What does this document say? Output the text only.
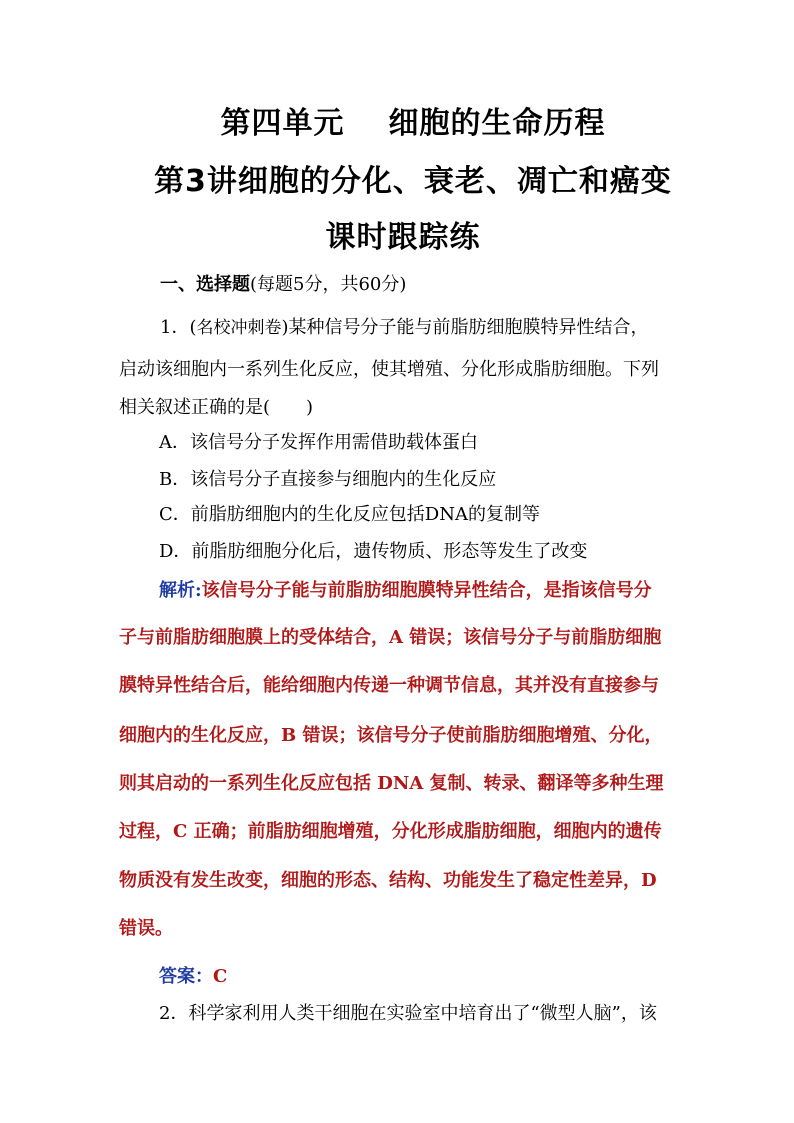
第四单元 细胞的生命历程
第3讲细胞的分化、衰老、凋亡和癌变
课时跟踪练
一、选择题(每题5分，共60分)
1．(名校冲刺卷)某种信号分子能与前脂肪细胞膜特异性结合，
启动该细胞内一系列生化反应，使其增殖、分化形成脂肪细胞。下列
相关叙述正确的是(　　)
A．该信号分子发挥作用需借助载体蛋白
B．该信号分子直接参与细胞内的生化反应
C．前脂肪细胞内的生化反应包括DNA的复制等
D．前脂肪细胞分化后，遗传物质、形态等发生了改变
解析:该信号分子能与前脂肪细胞膜特异性结合，是指该信号分
子与前脂肪细胞膜上的受体结合，A 错误；该信号分子与前脂肪细胞
膜特异性结合后，能给细胞内传递一种调节信息，其并没有直接参与
细胞内的生化反应，B 错误；该信号分子使前脂肪细胞增殖、分化，
则其启动的一系列生化反应包括 DNA 复制、转录、翻译等多种生理
过程，C 正确；前脂肪细胞增殖，分化形成脂肪细胞，细胞内的遗传
物质没有发生改变，细胞的形态、结构、功能发生了稳定性差异，D
错误。
答案：C
2．科学家利用人类干细胞在实验室中培育出了“微型人脑”，该
